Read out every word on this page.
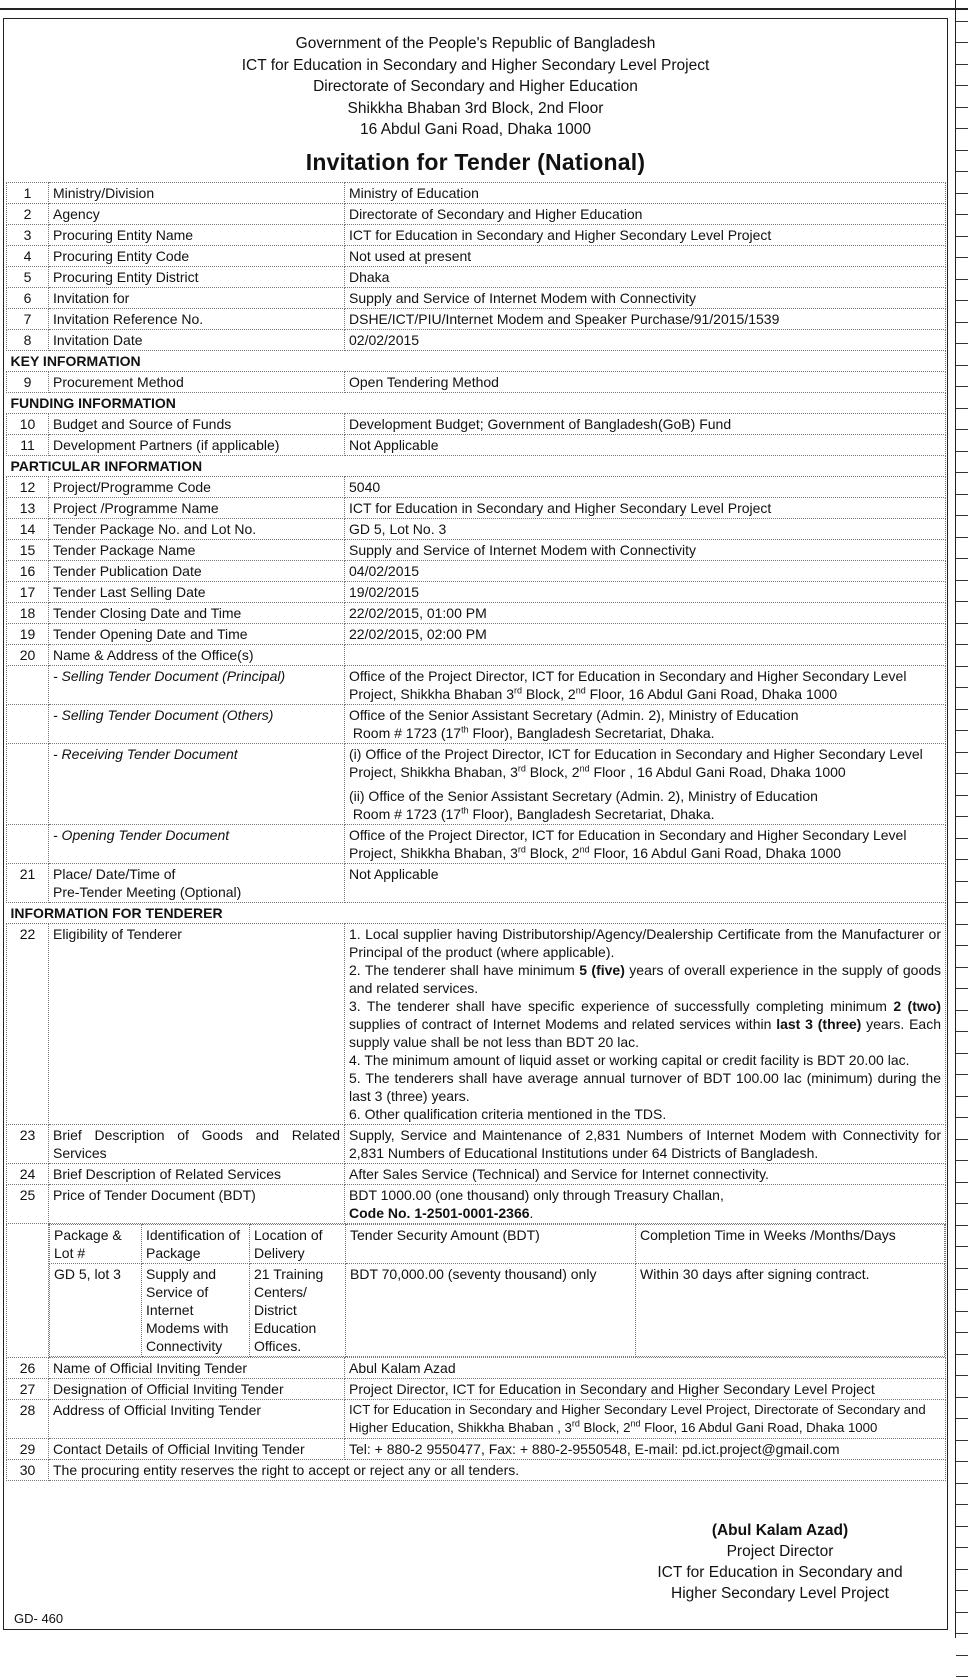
Government of the People's Republic of Bangladesh
ICT for Education in Secondary and Higher Secondary Level Project
Directorate of Secondary and Higher Education
Shikkha Bhaban 3rd Block, 2nd Floor
16 Abdul Gani Road, Dhaka 1000
Invitation for Tender (National)
1	Ministry/Division	Ministry of Education
2	Agency	Directorate of Secondary and Higher Education
3	Procuring Entity Name	ICT for Education in Secondary and Higher Secondary Level Project
4	Procuring Entity Code	Not used at present
5	Procuring Entity District	Dhaka
6	Invitation for	Supply and Service of Internet Modem with Connectivity
7	Invitation Reference No.	DSHE/ICT/PIU/Internet Modem and Speaker Purchase/91/2015/1539
8	Invitation Date	02/02/2015
KEY INFORMATION
9	Procurement Method	Open Tendering Method
FUNDING INFORMATION
10	Budget and Source of Funds	Development Budget; Government of Bangladesh(GoB) Fund
11	Development Partners (if applicable)	Not Applicable
PARTICULAR INFORMATION
12	Project/Programme Code	5040
13	Project /Programme Name	ICT for Education in Secondary and Higher Secondary Level Project
14	Tender Package No. and Lot No.	GD 5, Lot No. 3
15	Tender Package Name	Supply and Service of Internet Modem with Connectivity
16	Tender Publication Date	04/02/2015
17	Tender Last Selling Date	19/02/2015
18	Tender Closing Date and Time	22/02/2015, 01:00 PM
19	Tender Opening Date and Time	22/02/2015, 02:00 PM
20	Name & Address of the Office(s)	
	- Selling Tender Document (Principal)	Office of the Project Director, ICT for Education in Secondary and Higher Secondary Level Project, Shikkha Bhaban 3rd Block, 2nd Floor, 16 Abdul Gani Road, Dhaka 1000
	- Selling Tender Document (Others)	Office of the Senior Assistant Secretary (Admin. 2), Ministry of Education
Room # 1723 (17th Floor), Bangladesh Secretariat, Dhaka.

	- Receiving Tender Document	(i) Office of the Project Director, ICT for Education in Secondary and Higher Secondary Level Project, Shikkha Bhaban, 3rd Block, 2nd Floor , 16 Abdul Gani Road, Dhaka 1000
(ii) Office of the Senior Assistant Secretary (Admin. 2), Ministry of Education
Room # 1723 (17th Floor), Bangladesh Secretariat, Dhaka.

	- Opening Tender Document	Office of the Project Director, ICT for Education in Secondary and Higher Secondary Level Project, Shikkha Bhaban, 3rd Block, 2nd Floor, 16 Abdul Gani Road, Dhaka 1000
21	Place/ Date/Time of
Pre-Tender Meeting (Optional)
	Not Applicable
INFORMATION FOR TENDERER
22	Eligibility of Tenderer	1. Local supplier having Distributorship/Agency/Dealership Certificate from the Manufacturer or Principal of the product (where applicable).
2. The tenderer shall have minimum 5 (five) years of overall experience in the supply of goods and related services.
3. The tenderer shall have specific experience of successfully completing minimum 2 (two) supplies of contract of Internet Modems and related services within last 3 (three) years. Each supply value shall be not less than BDT 20 lac.
4. The minimum amount of liquid asset or working capital or credit facility is BDT 20.00 lac.
5. The tenderers shall have average annual turnover of BDT 100.00 lac (minimum) during the last 3 (three) years.
6. Other qualification criteria mentioned in the TDS.

23	Brief Description of Goods and Related Services	Supply, Service and Maintenance of 2,831 Numbers of Internet Modem with Connectivity for 2,831 Numbers of Educational Institutions under 64 Districts of Bangladesh.
24	Brief Description of Related Services	After Sales Service (Technical) and Service for Internet connectivity.
25	Price of Tender Document (BDT)	BDT 1000.00 (one thousand) only through Treasury Challan,
Code No. 1-2501-0001-2366.

Package & Lot #	Identification of Package	Location of Delivery	Tender Security Amount (BDT)	Completion Time in Weeks /Months/Days
GD 5, lot 3	Supply and Service of Internet Modems with Connectivity	21 Training Centers/ District Education Offices.	BDT 70,000.00 (seventy thousand) only	Within 30 days after signing contract.

26	Name of Official Inviting Tender	Abul Kalam Azad
27	Designation of Official Inviting Tender	Project Director, ICT for Education in Secondary and Higher Secondary Level Project
28	Address of Official Inviting Tender	ICT for Education in Secondary and Higher Secondary Level Project, Directorate of Secondary and Higher Education, Shikkha Bhaban , 3rd Block, 2nd Floor, 16 Abdul Gani Road, Dhaka 1000
29	Contact Details of Official Inviting Tender	Tel: + 880-2 9550477, Fax: + 880-2-9550548, E-mail: pd.ict.project@gmail.com
30	The procuring entity reserves the right to accept or reject any or all tenders.
(Abul Kalam Azad)
Project Director
ICT for Education in Secondary and
Higher Secondary Level Project
GD- 460
